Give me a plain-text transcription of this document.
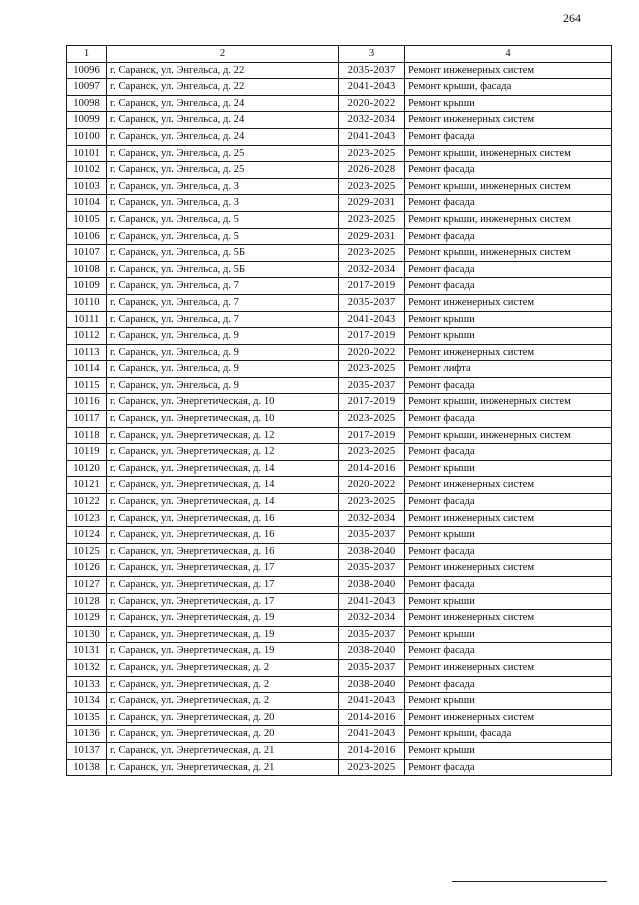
264
1	2	3	4
10096	г. Саранск, ул. Энгельса, д. 22	2035-2037	Ремонт инженерных систем
10097	г. Саранск, ул. Энгельса, д. 22	2041-2043	Ремонт крыши, фасада
10098	г. Саранск, ул. Энгельса, д. 24	2020-2022	Ремонт крыши
10099	г. Саранск, ул. Энгельса, д. 24	2032-2034	Ремонт инженерных систем
10100	г. Саранск, ул. Энгельса, д. 24	2041-2043	Ремонт фасада
10101	г. Саранск, ул. Энгельса, д. 25	2023-2025	Ремонт крыши, инженерных систем
10102	г. Саранск, ул. Энгельса, д. 25	2026-2028	Ремонт фасада
10103	г. Саранск, ул. Энгельса, д. 3	2023-2025	Ремонт крыши, инженерных систем
10104	г. Саранск, ул. Энгельса, д. 3	2029-2031	Ремонт фасада
10105	г. Саранск, ул. Энгельса, д. 5	2023-2025	Ремонт крыши, инженерных систем
10106	г. Саранск, ул. Энгельса, д. 5	2029-2031	Ремонт фасада
10107	г. Саранск, ул. Энгельса, д. 5Б	2023-2025	Ремонт крыши, инженерных систем
10108	г. Саранск, ул. Энгельса, д. 5Б	2032-2034	Ремонт фасада
10109	г. Саранск, ул. Энгельса, д. 7	2017-2019	Ремонт фасада
10110	г. Саранск, ул. Энгельса, д. 7	2035-2037	Ремонт инженерных систем
10111	г. Саранск, ул. Энгельса, д. 7	2041-2043	Ремонт крыши
10112	г. Саранск, ул. Энгельса, д. 9	2017-2019	Ремонт крыши
10113	г. Саранск, ул. Энгельса, д. 9	2020-2022	Ремонт инженерных систем
10114	г. Саранск, ул. Энгельса, д. 9	2023-2025	Ремонт лифта
10115	г. Саранск, ул. Энгельса, д. 9	2035-2037	Ремонт фасада
10116	г. Саранск, ул. Энергетическая, д. 10	2017-2019	Ремонт крыши, инженерных систем
10117	г. Саранск, ул. Энергетическая, д. 10	2023-2025	Ремонт фасада
10118	г. Саранск, ул. Энергетическая, д. 12	2017-2019	Ремонт крыши, инженерных систем
10119	г. Саранск, ул. Энергетическая, д. 12	2023-2025	Ремонт фасада
10120	г. Саранск, ул. Энергетическая, д. 14	2014-2016	Ремонт крыши
10121	г. Саранск, ул. Энергетическая, д. 14	2020-2022	Ремонт инженерных систем
10122	г. Саранск, ул. Энергетическая, д. 14	2023-2025	Ремонт фасада
10123	г. Саранск, ул. Энергетическая, д. 16	2032-2034	Ремонт инженерных систем
10124	г. Саранск, ул. Энергетическая, д. 16	2035-2037	Ремонт крыши
10125	г. Саранск, ул. Энергетическая, д. 16	2038-2040	Ремонт фасада
10126	г. Саранск, ул. Энергетическая, д. 17	2035-2037	Ремонт инженерных систем
10127	г. Саранск, ул. Энергетическая, д. 17	2038-2040	Ремонт фасада
10128	г. Саранск, ул. Энергетическая, д. 17	2041-2043	Ремонт крыши
10129	г. Саранск, ул. Энергетическая, д. 19	2032-2034	Ремонт инженерных систем
10130	г. Саранск, ул. Энергетическая, д. 19	2035-2037	Ремонт крыши
10131	г. Саранск, ул. Энергетическая, д. 19	2038-2040	Ремонт фасада
10132	г. Саранск, ул. Энергетическая, д. 2	2035-2037	Ремонт инженерных систем
10133	г. Саранск, ул. Энергетическая, д. 2	2038-2040	Ремонт фасада
10134	г. Саранск, ул. Энергетическая, д. 2	2041-2043	Ремонт крыши
10135	г. Саранск, ул. Энергетическая, д. 20	2014-2016	Ремонт инженерных систем
10136	г. Саранск, ул. Энергетическая, д. 20	2041-2043	Ремонт крыши, фасада
10137	г. Саранск, ул. Энергетическая, д. 21	2014-2016	Ремонт крыши
10138	г. Саранск, ул. Энергетическая, д. 21	2023-2025	Ремонт фасада
